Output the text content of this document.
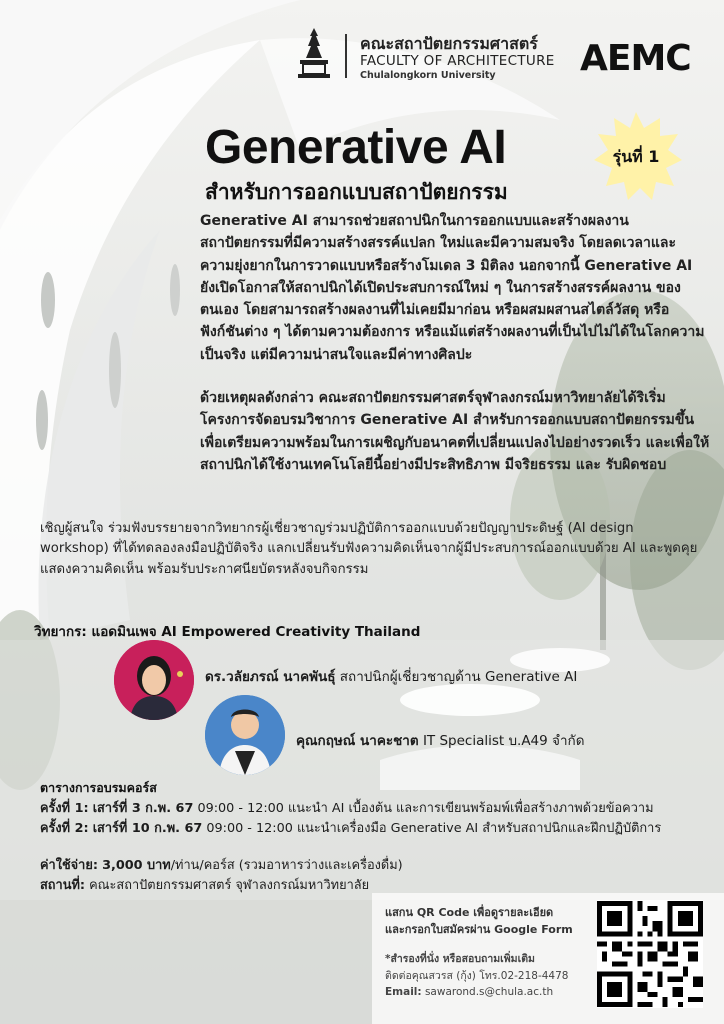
คณะสถาปัตยกรรมศาสตร์
FACULTY OF ARCHITECTURE
Chulalongkorn University AEMC
Generative AI
สำหรับการออกแบบสถาปัตยกรรม
รุ่นที่ 1
Generative AI สามารถช่วยสถาปนิกในการออกแบบและสร้างผลงานสถาปัตยกรรมที่มีความสร้างสรรค์แปลก ใหม่และมีความสมจริง โดยลดเวลาและความยุ่งยากในการวาดแบบหรือสร้างโมเดล 3 มิติลง นอกจากนี้ Generative AI ยังเปิดโอกาสให้สถาปนิกได้เปิดประสบการณ์ใหม่ ๆ ในการสร้างสรรค์ผลงาน ของตนเอง โดยสามารถสร้างผลงานที่ไม่เคยมีมาก่อน หรือผสมผสานสไตล์วัสดุ หรือฟังก์ชันต่าง ๆ ได้ตามความต้องการ หรือแม้แต่สร้างผลงานที่เป็นไปไม่ได้ในโลกความเป็นจริง แต่มีความน่าสนใจและมีค่าทางศิลปะ
ด้วยเหตุผลดังกล่าว คณะสถาปัตยกรรมศาสตร์จุฬาลงกรณ์มหาวิทยาลัยได้ริเริ่มโครงการจัดอบรมวิชาการ Generative AI สำหรับการออกแบบสถาปัตยกรรมขึ้น เพื่อเตรียมความพร้อมในการเผชิญกับอนาคตที่เปลี่ยนแปลงไปอย่างรวดเร็ว และเพื่อให้สถาปนิกได้ใช้งานเทคโนโลยีนี้อย่างมีประสิทธิภาพ มีจริยธรรม และ รับผิดชอบ
เชิญผู้สนใจ ร่วมฟังบรรยายจากวิทยากรผู้เชี่ยวชาญร่วมปฏิบัติการออกแบบด้วยปัญญาประดิษฐ์ (AI design workshop) ที่ได้ทดลองลงมือปฏิบัติจริง แลกเปลี่ยนรับฟังความคิดเห็นจากผู้มีประสบการณ์ออกแบบด้วย AI และพูดคุยแสดงความคิดเห็น พร้อมรับประกาศนียบัตรหลังจบกิจกรรม
วิทยากร: แอดมินเพจ AI Empowered Creativity Thailand
ดร.วลัยภรณ์ นาคพันธุ์ สถาปนิกผู้เชี่ยวชาญด้าน Generative AI
คุณกฤษณ์ นาคะชาต IT Specialist บ.A49 จำกัด
ตารางการอบรมคอร์ส
ครั้งที่ 1: เสาร์ที่ 3 ก.พ. 67 09:00 - 12:00 แนะนำ AI เบื้องต้น และการเขียนพร้อมพ์เพื่อสร้างภาพด้วยข้อความ
ครั้งที่ 2: เสาร์ที่ 10 ก.พ. 67 09:00 - 12:00 แนะนำเครื่องมือ Generative AI สำหรับสถาปนิกและฝึกปฏิบัติการ
ค่าใช้จ่าย: 3,000 บาท/ท่าน/คอร์ส (รวมอาหารว่างและเครื่องดื่ม)
สถานที่: คณะสถาปัตยกรรมศาสตร์ จุฬาลงกรณ์มหาวิทยาลัย
แสกน QR Code เพื่อดูรายละเอียด
และกรอกใบสมัครผ่าน Google Form
*สำรองที่นั่ง หรือสอบถามเพิ่มเติม
ติดต่อคุณสวรส (กุ้ง) โทร.02-218-4478
Email: sawarond.s@chula.ac.th
